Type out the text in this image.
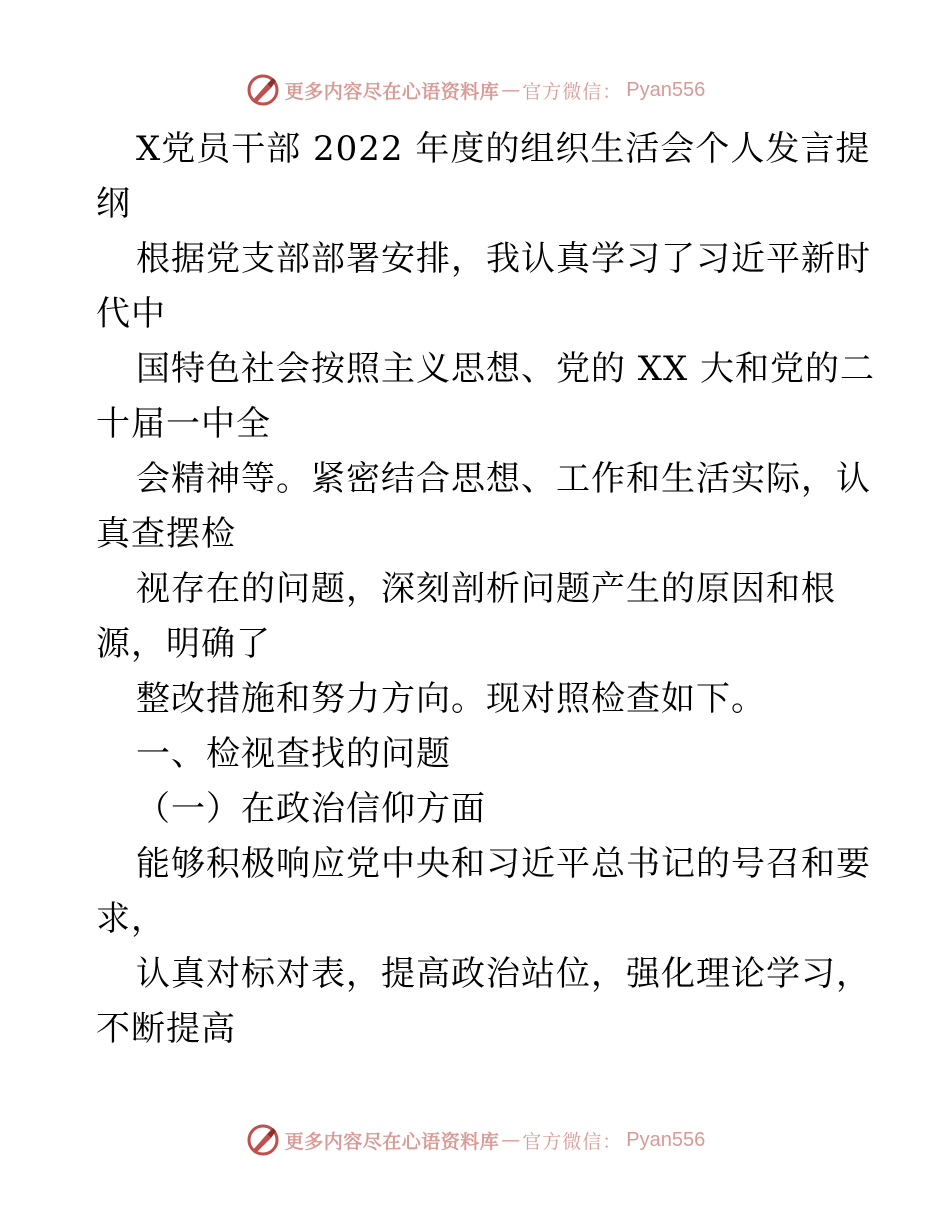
更多内容尽在心语资料库 — 官方微信： Pyan556
X党员干部 2022 年度的组织生活会个人发言提
纲
根据党支部部署安排，我认真学习了习近平新时
代中
国特色社会按照主义思想、党的 XX 大和党的二
十届一中全
会精神等。紧密结合思想、工作和生活实际，认
真查摆检
视存在的问题，深刻剖析问题产生的原因和根
源，明确了
整改措施和努力方向。现对照检查如下。
一、检视查找的问题
（一）在政治信仰方面
能够积极响应党中央和习近平总书记的号召和要
求，
认真对标对表，提高政治站位，强化理论学习，
不断提高
更多内容尽在心语资料库 — 官方微信： Pyan556
